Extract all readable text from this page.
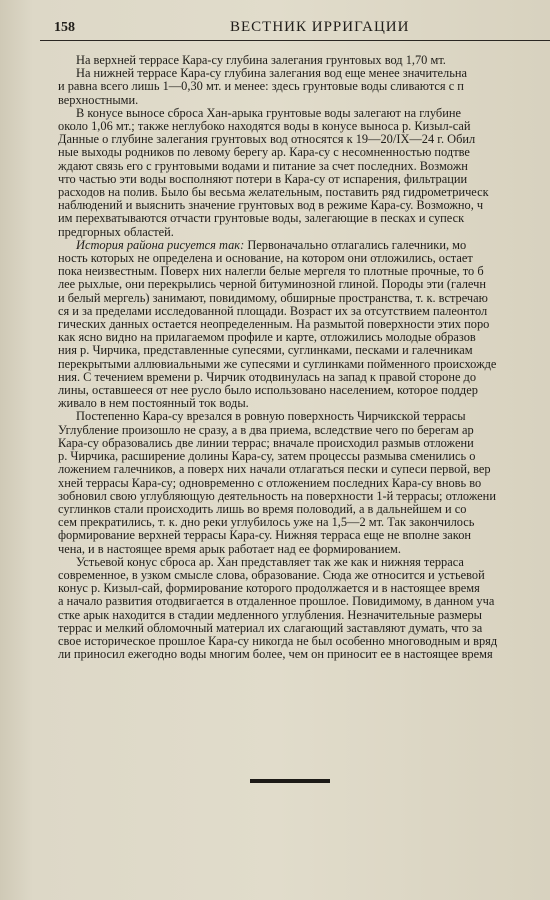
158	ВЕСТНИК ИРРИГАЦИИ
На верхней террасе Кара-су глубина залегания грунтовых вод 1,70 мт.
На нижней террасе Кара-су глубина залегания вод еще менее значительна
и равна всего лишь 1—0,30 мт. и менее: здесь грунтовые воды сливаются с п
верхностными.
В конусе выносе сброса Хан-арыка грунтовые воды залегают на глубине
около 1,06 мт.; также неглубоко находятся воды в конусе выноса р. Кизыл-сай
Данные о глубине залегания грунтовых вод относятся к 19—20/IX—24 г. Обил
ные выходы родников по левому берегу ар. Кара-су с несомненностью подтве
ждают связь его с грунтовыми водами и питание за счет последних. Возможн
что частью эти воды восполняют потери в Кара-су от испарения, фильтрации
расходов на полив. Было бы весьма желательным, поставить ряд гидрометрическ
наблюдений и выяснить значение грунтовых вод в режиме Кара-су. Возможно, ч
им перехватываются отчасти грунтовые воды, залегающие в песках и супеск
предгорных областей.
История района рисуется так: Первоначально отлагались галечники, мо
ность которых не определена и основание, на котором они отложились, остает
пока неизвестным. Поверх них налегли белые мергеля то плотные прочные, то б
лее рыхлые, они перекрылись черной битуминозной глиной. Породы эти (галечн
и белый мергель) занимают, повидимому, обширные пространства, т. к. встречаю
ся и за пределами исследованной площади. Возраст их за отсутствием палеонтол
гических данных остается неопределенным. На размытой поверхности этих поро
как ясно видно на прилагаемом профиле и карте, отложились молодые образов
ния р. Чирчика, представленные супесями, суглинками, песками и галечникам
перекрытыми аллювиальными же супесями и суглинками пойменного происхожде
ния. С течением времени р. Чирчик отодвинулась на запад к правой стороне до
лины, оставшееся от нее русло было использовано населением, которое поддер
живало в нем постоянный ток воды.
Постепенно Кара-су врезался в ровную поверхность Чирчикской террасы
Углубление произошло не сразу, а в два приема, вследствие чего по берегам ар
Кара-су образовались две линии террас; вначале происходил размыв отложени
р. Чирчика, расширение долины Кара-су, затем процессы размыва сменились о
ложением галечников, а поверх них начали отлагаться пески и супеси первой, вер
хней террасы Кара-су; одновременно с отложением последних Кара-су вновь во
зобновил свою углубляющую деятельность на поверхности 1-й террасы; отложени
суглинков стали происходить лишь во время половодий, а в дальнейшем и со
сем прекратились, т. к. дно реки углубилось уже на 1,5—2 мт. Так закончилось
формирование верхней террасы Кара-су. Нижняя терраса еще не вполне закон
чена, и в настоящее время арык работает над ее формированием.
Устьевой конус сброса ар. Хан представляет так же как и нижняя терраса
современное, в узком смысле слова, образование. Сюда же относится и устьевой
конус р. Кизыл-сай, формирование которого продолжается и в настоящее время
а начало развития отодвигается в отдаленное прошлое. Повидимому, в данном уча
стке арык находится в стадии медленного углубления. Незначительные размеры
террас и мелкий обломочный материал их слагающий заставляют думать, что за
свое историческое прошлое Кара-су никогда не был особенно многоводным и вряд
ли приносил ежегодно воды многим более, чем он приносит ее в настоящее время
